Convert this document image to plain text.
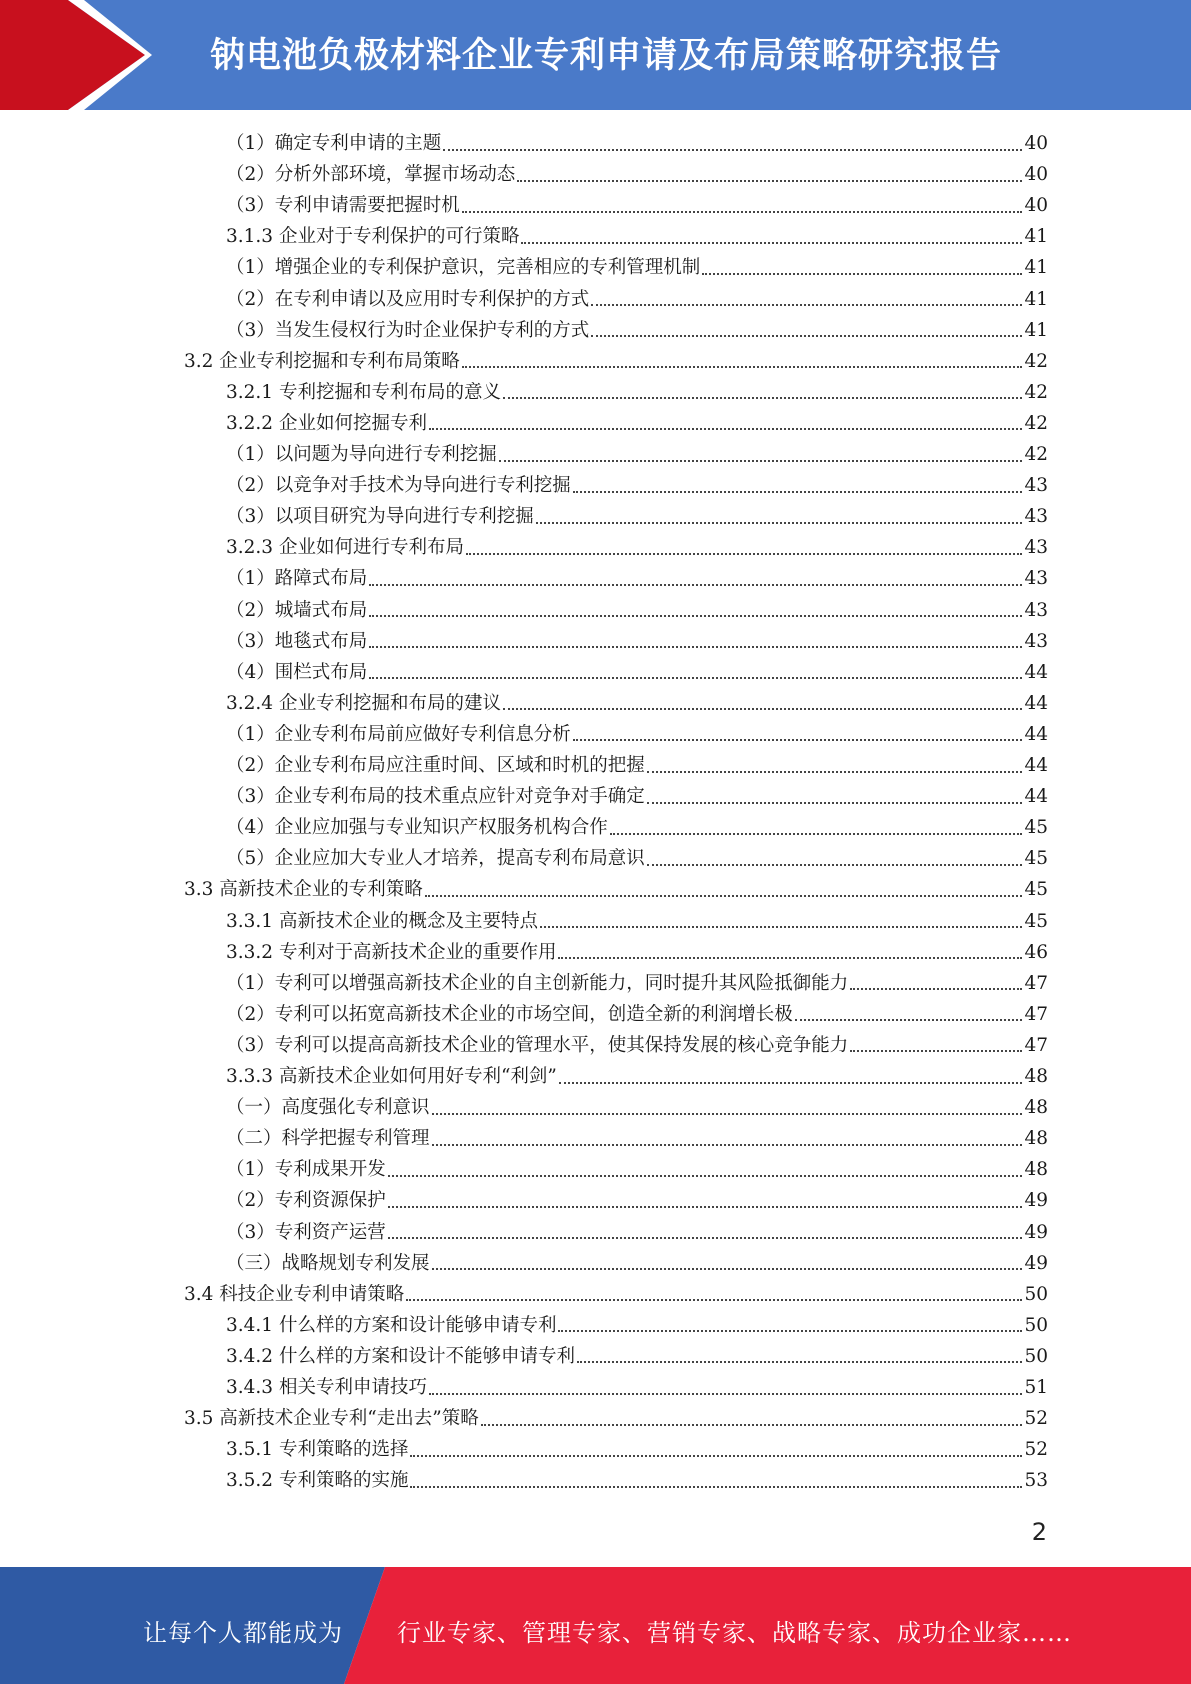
钠电池负极材料企业专利申请及布局策略研究报告
（1）确定专利申请的主题	40
（2）分析外部环境，掌握市场动态	40
（3）专利申请需要把握时机	40
3.1.3 企业对于专利保护的可行策略	41
（1）增强企业的专利保护意识，完善相应的专利管理机制	41
（2）在专利申请以及应用时专利保护的方式	41
（3）当发生侵权行为时企业保护专利的方式	41
3.2 企业专利挖掘和专利布局策略	42
3.2.1 专利挖掘和专利布局的意义	42
3.2.2 企业如何挖掘专利	42
（1）以问题为导向进行专利挖掘	42
（2）以竞争对手技术为导向进行专利挖掘	43
（3）以项目研究为导向进行专利挖掘	43
3.2.3 企业如何进行专利布局	43
（1）路障式布局	43
（2）城墙式布局	43
（3）地毯式布局	43
（4）围栏式布局	44
3.2.4 企业专利挖掘和布局的建议	44
（1）企业专利布局前应做好专利信息分析	44
（2）企业专利布局应注重时间、区域和时机的把握	44
（3）企业专利布局的技术重点应针对竞争对手确定	44
（4）企业应加强与专业知识产权服务机构合作	45
（5）企业应加大专业人才培养，提高专利布局意识	45
3.3 高新技术企业的专利策略	45
3.3.1 高新技术企业的概念及主要特点	45
3.3.2 专利对于高新技术企业的重要作用	46
（1）专利可以增强高新技术企业的自主创新能力，同时提升其风险抵御能力	47
（2）专利可以拓宽高新技术企业的市场空间，创造全新的利润增长极	47
（3）专利可以提高高新技术企业的管理水平，使其保持发展的核心竞争能力	47
3.3.3 高新技术企业如何用好专利“利剑”	48
（一）高度强化专利意识	48
（二）科学把握专利管理	48
（1）专利成果开发	48
（2）专利资源保护	49
（3）专利资产运营	49
（三）战略规划专利发展	49
3.4 科技企业专利申请策略	50
3.4.1 什么样的方案和设计能够申请专利	50
3.4.2 什么样的方案和设计不能够申请专利	50
3.4.3 相关专利申请技巧	51
3.5 高新技术企业专利“走出去”策略	52
3.5.1 专利策略的选择	52
3.5.2 专利策略的实施	53
2
让每个人都能成为 行业专家、管理专家、营销专家、战略专家、成功企业家……
